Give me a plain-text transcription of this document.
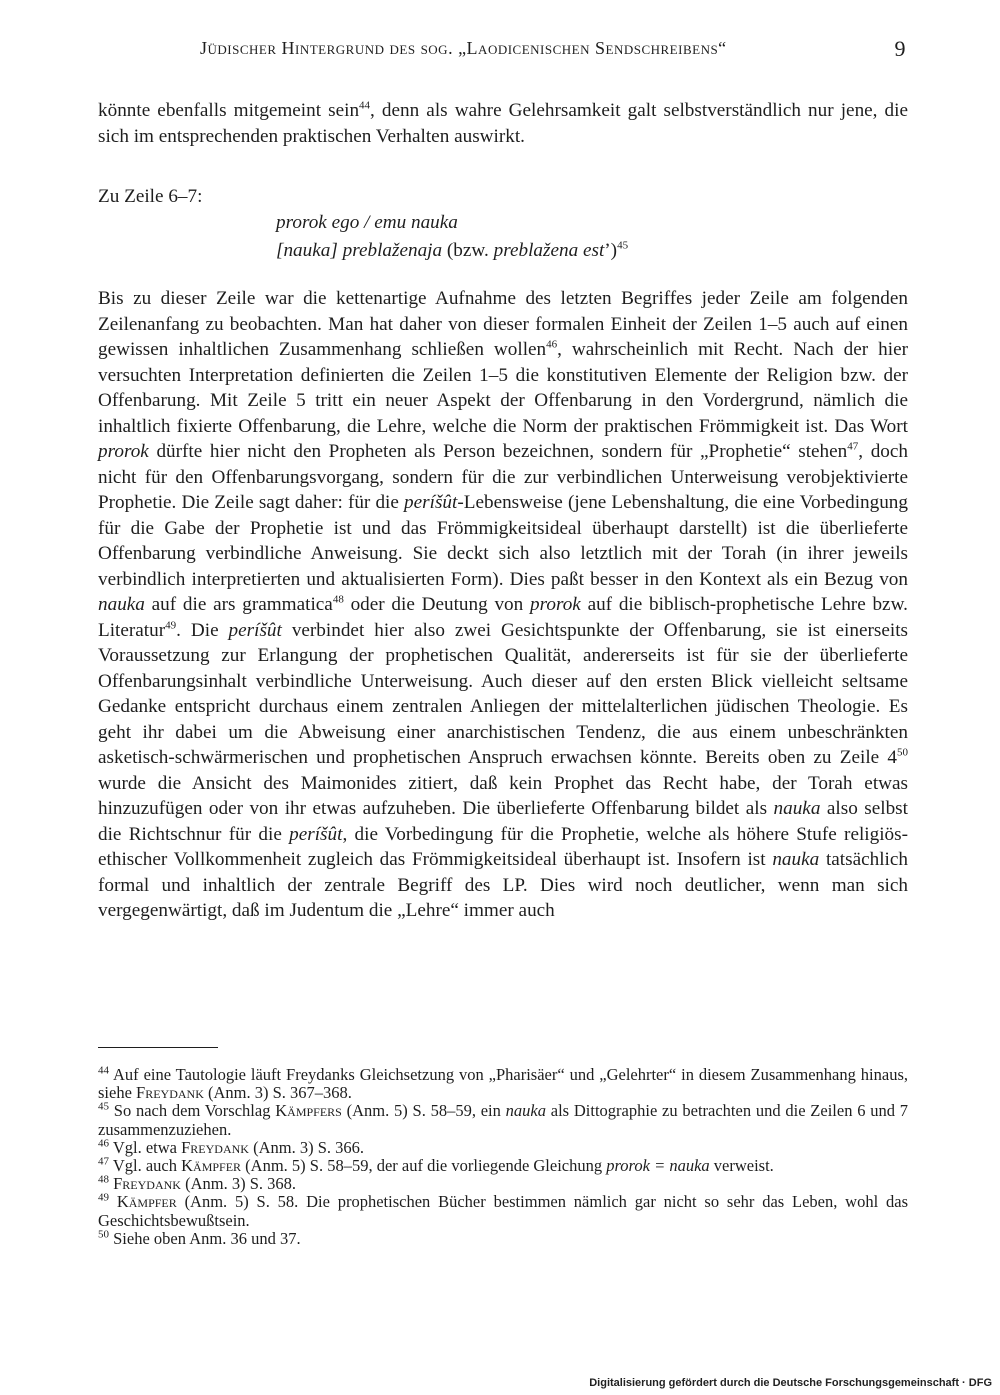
Jüdischer Hintergrund des sog. „Laodicenischen Sendschreibens“	9

könnte ebenfalls mitgemeint sein$^{44}$, denn als wahre Gelehrsamkeit galt selbstverständlich nur jene, die sich im entsprechenden praktischen Verhalten auswirkt.

Zu Zeile 6–7:
prorok ego / emu nauka
[nauka] preblaženaja (bzw. preblažena est’)$^{45}$

Bis zu dieser Zeile war die kettenartige Aufnahme des letzten Begriffes jeder Zeile am folgenden Zeilenanfang zu beobachten. Man hat daher von dieser formalen Einheit der Zeilen 1–5 auch auf einen gewissen inhaltlichen Zusammenhang schließen wollen$^{46}$, wahrscheinlich mit Recht. Nach der hier versuchten Interpretation definierten die Zeilen 1–5 die konstitutiven Elemente der Religion bzw. der Offenbarung. Mit Zeile 5 tritt ein neuer Aspekt der Offenbarung in den Vordergrund, nämlich die inhaltlich fixierte Offenbarung, die Lehre, welche die Norm der praktischen Frömmigkeit ist. Das Wort prorok dürfte hier nicht den Propheten als Person bezeichnen, sondern für „Prophetie“ stehen$^{47}$, doch nicht für den Offenbarungsvorgang, sondern für die zur verbindlichen Unterweisung verobjektivierte Prophetie. Die Zeile sagt daher: für die períšût-Lebensweise (jene Lebenshaltung, die eine Vorbedingung für die Gabe der Prophetie ist und das Frömmigkeitsideal überhaupt darstellt) ist die überlieferte Offenbarung verbindliche Anweisung. Sie deckt sich also letztlich mit der Torah (in ihrer jeweils verbindlich interpretierten und aktualisierten Form). Dies paßt besser in den Kontext als ein Bezug von nauka auf die ars grammatica$^{48}$ oder die Deutung von prorok auf die biblisch-prophetische Lehre bzw. Literatur$^{49}$. Die períšût verbindet hier also zwei Gesichtspunkte der Offenbarung, sie ist einerseits Voraussetzung zur Erlangung der prophetischen Qualität, andererseits ist für sie der überlieferte Offenbarungsinhalt verbindliche Unterweisung. Auch dieser auf den ersten Blick vielleicht seltsame Gedanke entspricht durchaus einem zentralen Anliegen der mittelalterlichen jüdischen Theologie. Es geht ihr dabei um die Abweisung einer anarchistischen Tendenz, die aus einem unbeschränkten asketisch-schwärmerischen und prophetischen Anspruch erwachsen könnte. Bereits oben zu Zeile $4^{50}$ wurde die Ansicht des Maimonides zitiert, daß kein Prophet das Recht habe, der Torah etwas hinzuzufügen oder von ihr etwas aufzuheben. Die überlieferte Offenbarung bildet als nauka also selbst die Richtschnur für die períšût, die Vorbedingung für die Prophetie, welche als höhere Stufe religiös-ethischer Vollkommenheit zugleich das Frömmigkeitsideal überhaupt ist. Insofern ist nauka tatsächlich formal und inhaltlich der zentrale Begriff des LP. Dies wird noch deutlicher, wenn man sich vergegenwärtigt, daß im Judentum die „Lehre“ immer auch

$^{44}$ Auf eine Tautologie läuft Freydanks Gleichsetzung von „Pharisäer“ und „Gelehrter“ in diesem Zusammenhang hinaus, siehe Freydank (Anm. 3) S. 367–368.

$^{45}$ So nach dem Vorschlag Kämpfers (Anm. 5) S. 58–59, ein nauka als Dittographie zu betrachten und die Zeilen 6 und 7 zusammenzuziehen.

$^{46}$ Vgl. etwa Freydank (Anm. 3) S. 366.

$^{47}$ Vgl. auch Kämpfer (Anm. 5) S. 58–59, der auf die vorliegende Gleichung prorok = nauka verweist.

$^{48}$ Freydank (Anm. 3) S. 368.

$^{49}$ Kämpfer (Anm. 5) S. 58. Die prophetischen Bücher bestimmen nämlich gar nicht so sehr das Leben, wohl das Geschichtsbewußtsein.

$^{50}$ Siehe oben Anm. 36 und 37.

Digitalisierung gefördert durch die Deutsche Forschungsgemeinschaft · DFG
